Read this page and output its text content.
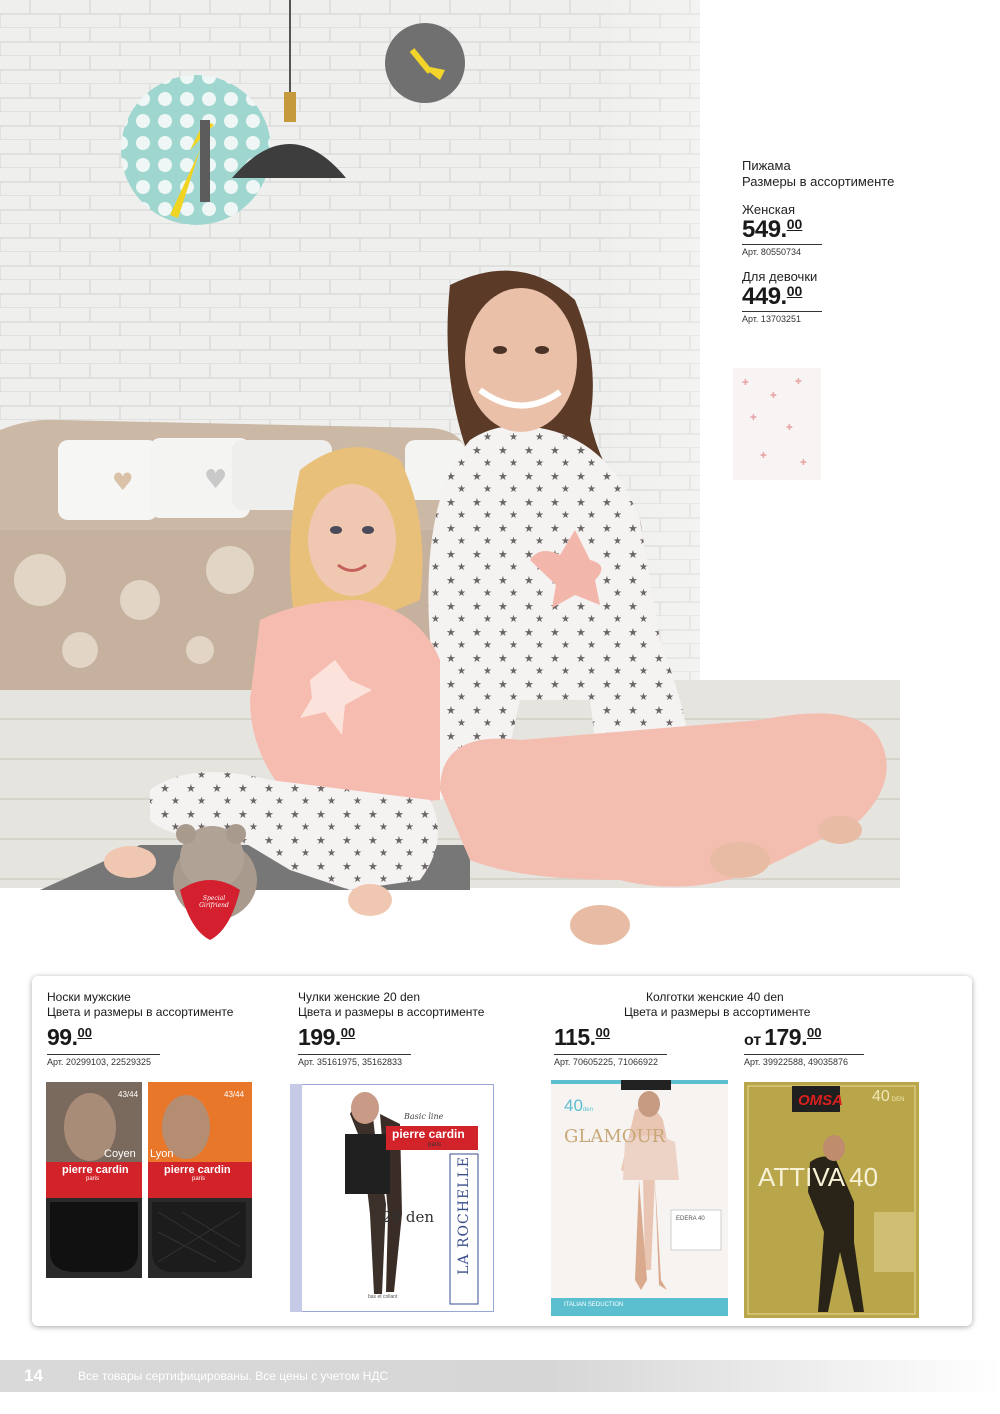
♥	♥
✚
✚
✚
✚
✚
✚
✚
Special Girlfriend
Пижама
Размеры в ассортименте
Женская
549.00
Арт. 80550734
Для девочки
449.00
Арт. 13703251
Носки мужские
Цвета и размеры в ассортименте
99.00
Арт. 20299103, 22529325
43/44
Coyen
pierre cardin
paris
43/44
Lyon
pierre cardin
paris
Чулки женские 20 den
Цвета и размеры в ассортименте
199.00
Арт. 35161975, 35162833
Basic line
pierre cardin
paris
LA ROCHELLE
20 den
bas et collant
Колготки женские 40 den
Цвета и размеры в ассортименте
115.00
Арт. 70605225, 71066922
от 179.00
Арт. 39922588, 49035876
40den
GLAMOUR
EDERA 40
ITALIAN SEDUCTION
OMSA 40 DEN
ATTIVA 40
14	Все товары сертифицированы. Все цены с учетом НДС
